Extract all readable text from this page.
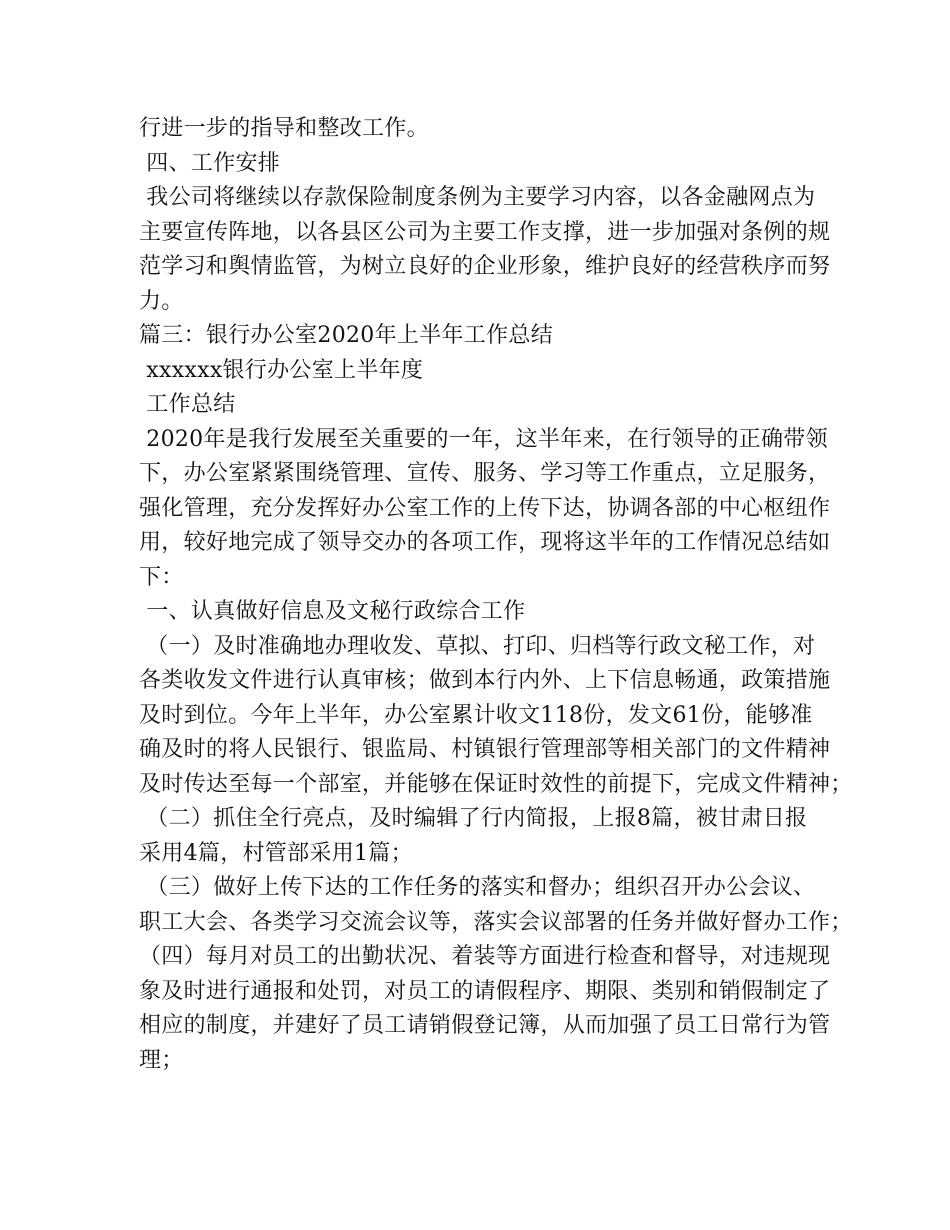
行进一步的指导和整改工作。
四、工作安排
我公司将继续以存款保险制度条例为主要学习内容，以各金融网点为
主要宣传阵地，以各县区公司为主要工作支撑，进一步加强对条例的规
范学习和舆情监管，为树立良好的企业形象，维护良好的经营秩序而努
力。
篇三：银行办公室2020年上半年工作总结
xxxxxx银行办公室上半年度
工作总结
2020年是我行发展至关重要的一年，这半年来，在行领导的正确带领
下，办公室紧紧围绕管理、宣传、服务、学习等工作重点，立足服务，
强化管理，充分发挥好办公室工作的上传下达，协调各部的中心枢纽作
用，较好地完成了领导交办的各项工作，现将这半年的工作情况总结如
下：
一、认真做好信息及文秘行政综合工作
（一）及时准确地办理收发、草拟、打印、归档等行政文秘工作，对
各类收发文件进行认真审核；做到本行内外、上下信息畅通，政策措施
及时到位。今年上半年，办公室累计收文118份，发文61份，能够准
确及时的将人民银行、银监局、村镇银行管理部等相关部门的文件精神
及时传达至每一个部室，并能够在保证时效性的前提下，完成文件精神；
（二）抓住全行亮点，及时编辑了行内简报，上报8篇，被甘肃日报
采用4篇，村管部采用1篇；
（三）做好上传下达的工作任务的落实和督办；组织召开办公会议、
职工大会、各类学习交流会议等，落实会议部署的任务并做好督办工作；
（四）每月对员工的出勤状况、着装等方面进行检查和督导，对违规现
象及时进行通报和处罚，对员工的请假程序、期限、类别和销假制定了
相应的制度，并建好了员工请销假登记簿，从而加强了员工日常行为管
理；
